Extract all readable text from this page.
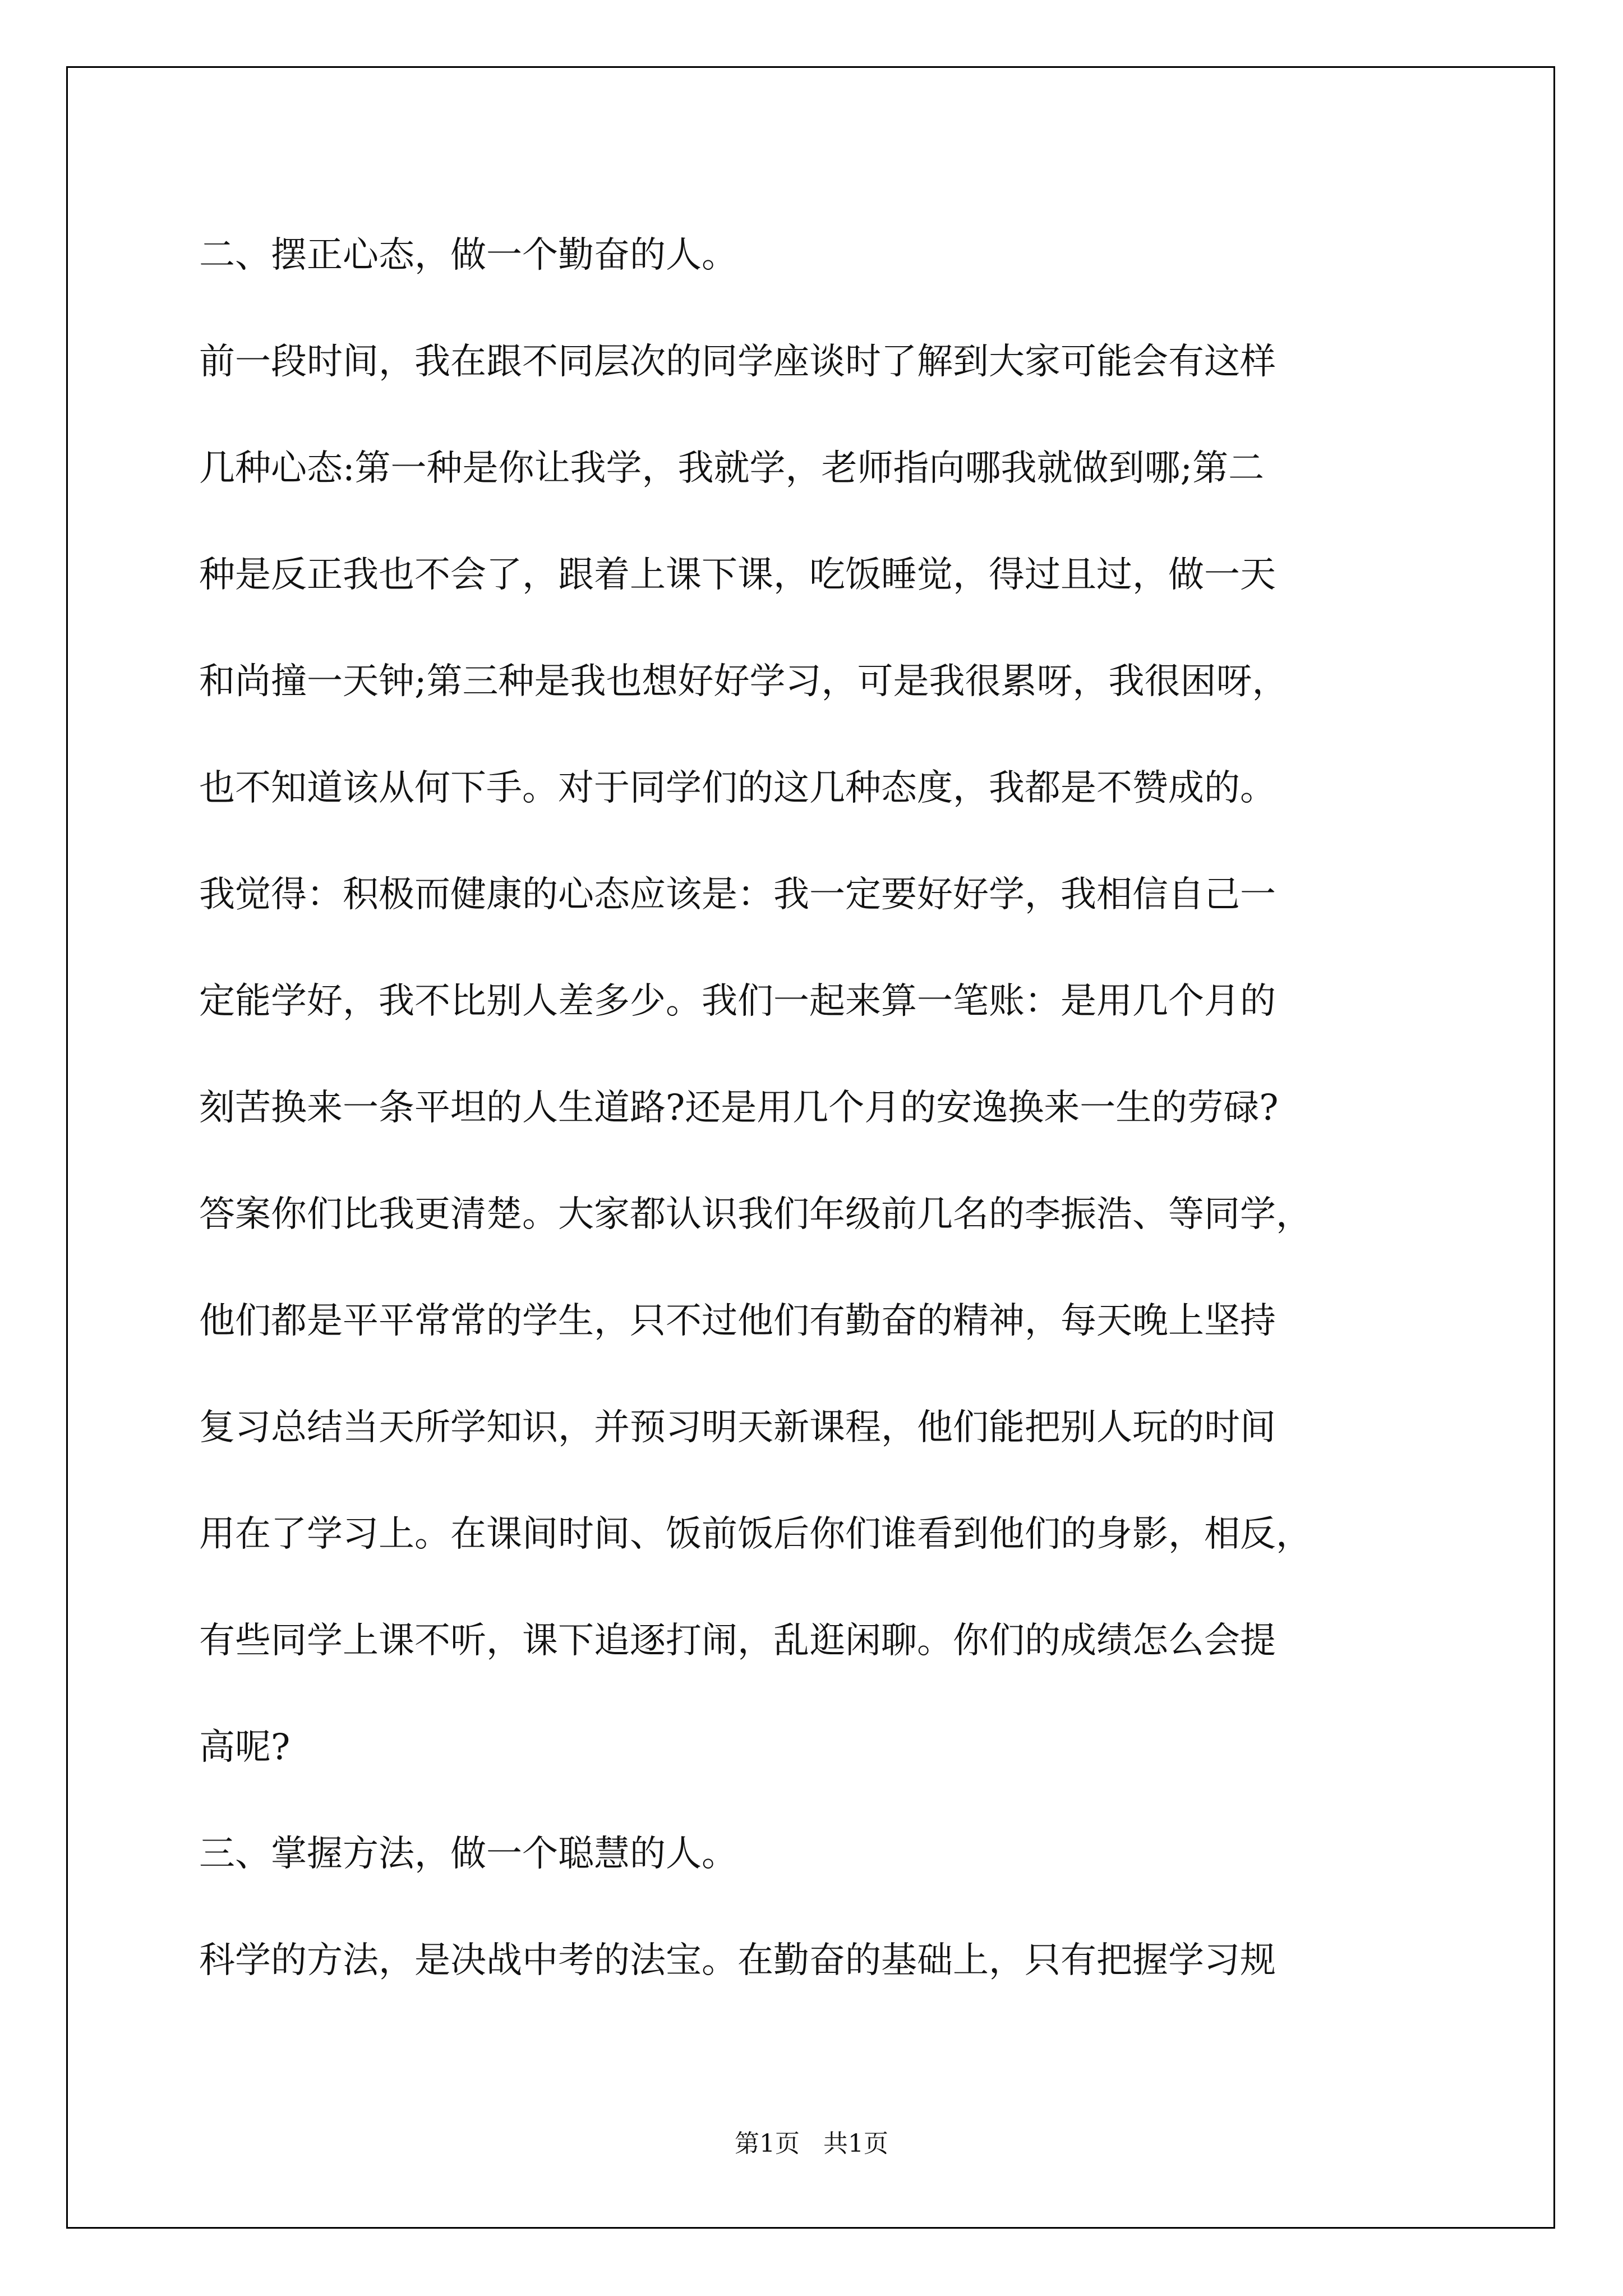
二、摆正心态，做一个勤奋的人。
前一段时间，我在跟不同层次的同学座谈时了解到大家可能会有这样
几种心态:第一种是你让我学，我就学，老师指向哪我就做到哪;第二
种是反正我也不会了，跟着上课下课，吃饭睡觉，得过且过，做一天
和尚撞一天钟;第三种是我也想好好学习，可是我很累呀，我很困呀，
也不知道该从何下手。对于同学们的这几种态度，我都是不赞成的。
我觉得：积极而健康的心态应该是：我一定要好好学，我相信自己一
定能学好，我不比别人差多少。我们一起来算一笔账：是用几个月的
刻苦换来一条平坦的人生道路?还是用几个月的安逸换来一生的劳碌?
答案你们比我更清楚。大家都认识我们年级前几名的李振浩、等同学，
他们都是平平常常的学生，只不过他们有勤奋的精神，每天晚上坚持
复习总结当天所学知识，并预习明天新课程，他们能把别人玩的时间
用在了学习上。在课间时间、饭前饭后你们谁看到他们的身影，相反，
有些同学上课不听，课下追逐打闹，乱逛闲聊。你们的成绩怎么会提
高呢?
三、掌握方法，做一个聪慧的人。
科学的方法，是决战中考的法宝。在勤奋的基础上，只有把握学习规
第1页   共1页
